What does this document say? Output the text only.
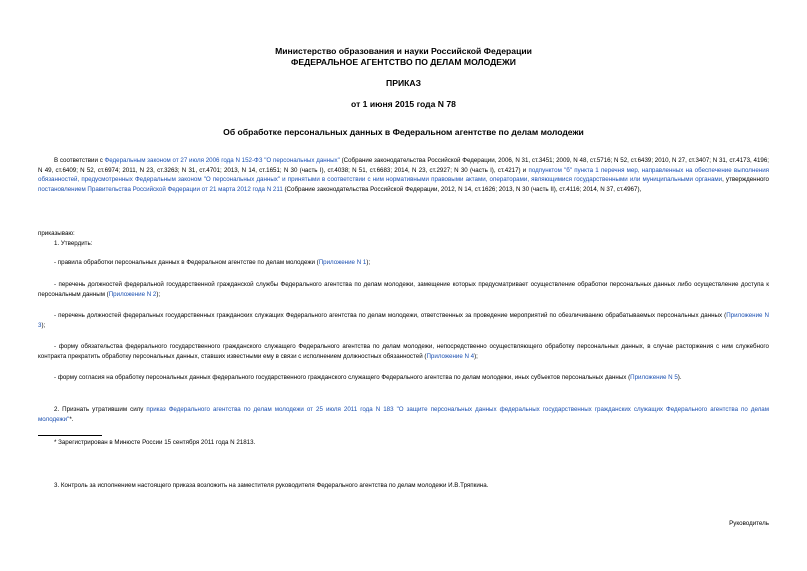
Министерство образования и науки Российской Федерации
ФЕДЕРАЛЬНОЕ АГЕНТСТВО ПО ДЕЛАМ МОЛОДЕЖИ
ПРИКАЗ
от 1 июня 2015 года N 78
Об обработке персональных данных в Федеральном агентстве по делам молодежи
В соответствии с Федеральным законом от 27 июля 2006 года N 152-ФЗ "О персональных данных" (Собрание законодательства Российской Федерации, 2006, N 31, ст.3451; 2009, N 48, ст.5716; N 52, ст.6439; 2010, N 27, ст.3407; N 31, ст.4173, 4196; N 49, ст.6409; N 52, ст.6974; 2011, N 23, ст.3263; N 31, ст.4701; 2013, N 14, ст.1651; N 30 (часть I), ст.4038; N 51, ст.6683; 2014, N 23, ст.2927; N 30 (часть I), ст.4217) и подпунктом "б" пункта 1 перечня мер, направленных на обеспечение выполнения обязанностей, предусмотренных Федеральным законом "О персональных данных" и принятыми в соответствии с ним нормативными правовыми актами, операторами, являющимися государственными или муниципальными органами, утвержденного постановлением Правительства Российской Федерации от 21 марта 2012 года N 211 (Собрание законодательства Российской Федерации, 2012, N 14, ст.1626; 2013, N 30 (часть II), ст.4116; 2014, N 37, ст.4967),
приказываю:
1. Утвердить:
- правила обработки персональных данных в Федеральном агентстве по делам молодежи (Приложение N 1);
- перечень должностей федеральной государственной гражданской службы Федерального агентства по делам молодежи, замещение которых предусматривает осуществление обработки персональных данных либо осуществление доступа к персональным данным (Приложение N 2);
- перечень должностей федеральных государственных гражданских служащих Федерального агентства по делам молодежи, ответственных за проведение мероприятий по обезличиванию обрабатываемых персональных данных (Приложение N 3);
- форму обязательства федерального государственного гражданского служащего Федерального агентства по делам молодежи, непосредственно осуществляющего обработку персональных данных, в случае расторжения с ним служебного контракта прекратить обработку персональных данных, ставших известными ему в связи с исполнением должностных обязанностей (Приложение N 4);
- форму согласия на обработку персональных данных федерального государственного гражданского служащего Федерального агентства по делам молодежи, иных субъектов персональных данных (Приложение N 5).
2. Признать утратившим силу приказ Федерального агентства по делам молодежи от 25 июля 2011 года N 183 "О защите персональных данных федеральных государственных гражданских служащих Федерального агентства по делам молодежи"*.
* Зарегистрирован в Минюсте России 15 сентября 2011 года N 21813.
3. Контроль за исполнением настоящего приказа возложить на заместителя руководителя Федерального агентства по делам молодежи И.В.Тряпкина.
Руководитель
